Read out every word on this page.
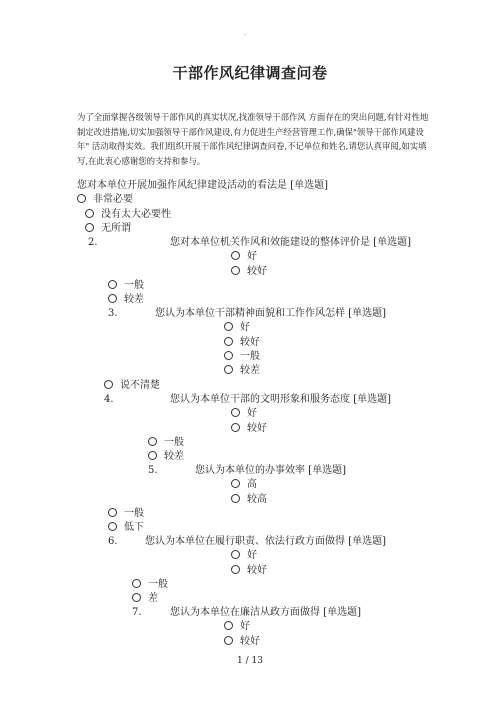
-
干部作风纪律调查问卷

为了全面掌握各级领导干部作风的真实状况,找准领导干部作风 方面存在的突出问题,有针对性地制定改进措施,切实加强领导干部作风建设,有力促进生产经营管理工作,确保"领导干部作风建设年" 活动取得实效。我们组织开展干部作风纪律调查问卷,不记单位和姓名,请您认真审阅,如实填写,在此衷心感谢您的支持和参与。

您对本单位开展加强作风纪律建设活动的看法是 [单选题]
非常必要
没有太大必要性
无所谓
2.	您对本单位机关作风和效能建设的整体评价是 [单选题]
好
较好
一般
较差
3.	您认为本单位干部精神面貌和工作作风怎样 [单选题]
好
较好
一般
较差
说不清楚
4.	您认为本单位干部的文明形象和服务态度 [单选题]
好
较好
一般
较差
5.	您认为本单位的办事效率 [单选题]
高
较高
一般
低下
6.	您认为本单位在履行职责、依法行政方面做得 [单选题]
好
较好
一般
差
7.	您认为本单位在廉洁从政方面做得 [单选题]
好
较好
1 / 13
